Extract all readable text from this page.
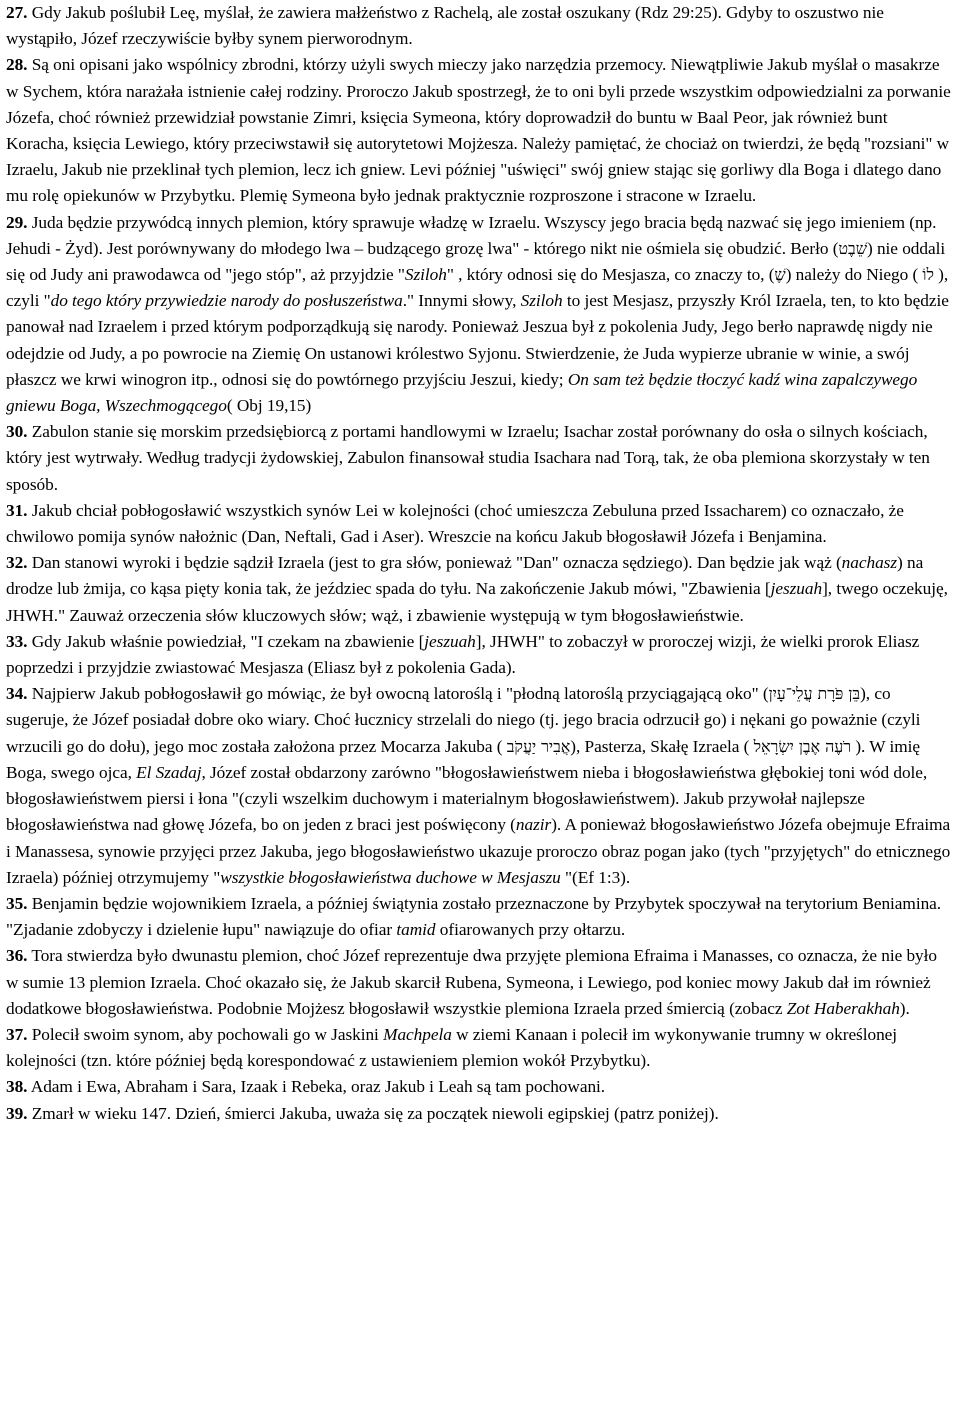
27. Gdy Jakub poślubił Leę, myślał, że zawiera małżeństwo z Rachelą, ale został oszukany (Rdz 29:25). Gdyby to oszustwo nie wystąpiło, Józef rzeczywiście byłby synem pierworodnym.

28. Są oni opisani jako wspólnicy zbrodni, którzy użyli swych mieczy jako narzędzia przemocy. Niewątpliwie Jakub myślał o masakrze w Sychem, która narażała istnienie całej rodziny. Proroczo Jakub spostrzegł, że to oni byli przede wszystkim odpowiedzialni za porwanie Józefa, choć również przewidział powstanie Zimri, księcia Symeona, który doprowadził do buntu w Baal Peor, jak również bunt Koracha, księcia Lewiego, który przeciwstawił się autorytetowi Mojżesza. Należy pamiętać, że chociaż on twierdzi, że będą "rozsiani" w Izraelu, Jakub nie przeklinał tych plemion, lecz ich gniew. Levi później "uświęci" swój gniew stając się gorliwy dla Boga i dlatego dano mu rolę opiekunów w Przybytku. Plemię Symeona było jednak praktycznie rozproszone i stracone w Izraelu.

29. Juda będzie przywódcą innych plemion, który sprawuje władzę w Izraelu. Wszyscy jego bracia będą nazwać się jego imieniem (np. Jehudi - Żyd). Jest porównywany do młodego lwa – budzącego grozę lwa" - którego nikt nie ośmiela się obudzić. Berło (שֵׁבֶט) nie oddali się od Judy ani prawodawca od "jego stóp", aż przyjdzie "Sziloh" , który odnosi się do Mesjasza, co znaczy to, (שֶׁ) należy do Niego ( לוֹ ), czyli "do tego który przywiedzie narody do posłuszeństwa." Innymi słowy, Sziloh to jest Mesjasz, przyszły Król Izraela, ten, to kto będzie panował nad Izraelem i przed którym podporządkują się narody. Ponieważ Jeszua był z pokolenia Judy, Jego berło naprawdę nigdy nie odejdzie od Judy, a po powrocie na Ziemię On ustanowi królestwo Syjonu. Stwierdzenie, że Juda wypierze ubranie w winie, a swój płaszcz we krwi winogron itp., odnosi się do powtórnego przyjściu Jeszui, kiedy; On sam też będzie tłoczyć kadź wina zapalczywego gniewu Boga, Wszechmogącego( Obj 19,15)

30. Zabulon stanie się morskim przedsiębiorcą z portami handlowymi w Izraelu; Isachar został porównany do osła o silnych kościach, który jest wytrwały. Według tradycji żydowskiej, Zabulon finansował studia Isachara nad Torą, tak, że oba plemiona skorzystały w ten sposób.

31. Jakub chciał pobłogosławić wszystkich synów Lei w kolejności (choć umieszcza Zebuluna przed Issacharem) co oznaczało, że chwilowo pomija synów nałożnic (Dan, Neftali, Gad i Aser). Wreszcie na końcu Jakub błogosławił Józefa i Benjamina.

32. Dan stanowi wyroki i będzie sądził Izraela (jest to gra słów, ponieważ "Dan" oznacza sędziego). Dan będzie jak wąż (nachasz) na drodze lub żmija, co kąsa pięty konia tak, że jeździec spada do tyłu. Na zakończenie Jakub mówi, "Zbawienia [jeszuah], twego oczekuję, JHWH." Zauważ orzeczenia słów kluczowych słów; wąż, i zbawienie występują w tym błogosławieństwie.

33. Gdy Jakub właśnie powiedział, "I czekam na zbawienie [jeszuah], JHWH" to zobaczył w proroczej wizji, że wielki prorok Eliasz poprzedzi i przyjdzie zwiastować Mesjasza (Eliasz był z pokolenia Gada).

34. Najpierw Jakub pobłogosławił go mówiąc, że był owocną latoroślą i "płodną latoroślą przyciągającą oko" (בֵּן פֹּרָת עֲלֵי־עָיִן), co sugeruje, że Józef posiadał dobre oko wiary. Choć łucznicy strzelali do niego (tj. jego bracia odrzucił go) i nękani go poważnie (czyli wrzucili go do dołu), jego moc została założona przez Mocarza Jakuba ( אֲבִיר יַעֲקֹב), Pasterza, Skałę Izraela ( רֹעֶה אֶבֶן יִשְׂרָאֵל ). W imię Boga, swego ojca, El Szadaj, Józef został obdarzony zarówno "błogosławieństwem nieba i błogosławieństwa głębokiej toni wód dole, błogosławieństwem piersi i łona "(czyli wszelkim duchowym i materialnym błogosławieństwem). Jakub przywołał najlepsze błogosławieństwa nad głowę Józefa, bo on jeden z braci jest poświęcony (nazir). A ponieważ błogosławieństwo Józefa obejmuje Efraima i Manassesa, synowie przyjęci przez Jakuba, jego błogosławieństwo ukazuje proroczo obraz pogan jako (tych "przyjętych" do etnicznego Izraela) później otrzymujemy "wszystkie błogosławieństwa duchowe w Mesjaszu "(Ef 1:3).

35. Benjamin będzie wojownikiem Izraela, a później świątynia zostało przeznaczone by Przybytek spoczywał na terytorium Beniamina. "Zjadanie zdobyczy i dzielenie łupu" nawiązuje do ofiar tamid ofiarowanych przy ołtarzu.

36. Tora stwierdza było dwunastu plemion, choć Józef reprezentuje dwa przyjęte plemiona Efraima i Manasses, co oznacza, że nie było w sumie 13 plemion Izraela. Choć okazało się, że Jakub skarcił Rubena, Symeona, i Lewiego, pod koniec mowy Jakub dał im również dodatkowe błogosławieństwa. Podobnie Mojżesz błogosławił wszystkie plemiona Izraela przed śmiercią (zobacz Zot Haberakhah).

37. Polecił swoim synom, aby pochowali go w Jaskini Machpela w ziemi Kanaan i polecił im wykonywanie trumny w określonej kolejności (tzn. które później będą korespondować z ustawieniem plemion wokół Przybytku).

38. Adam i Ewa, Abraham i Sara, Izaak i Rebeka, oraz Jakub i Leah są tam pochowani.

39. Zmarł w wieku 147. Dzień, śmierci Jakuba, uważa się za początek niewoli egipskiej (patrz poniżej).
